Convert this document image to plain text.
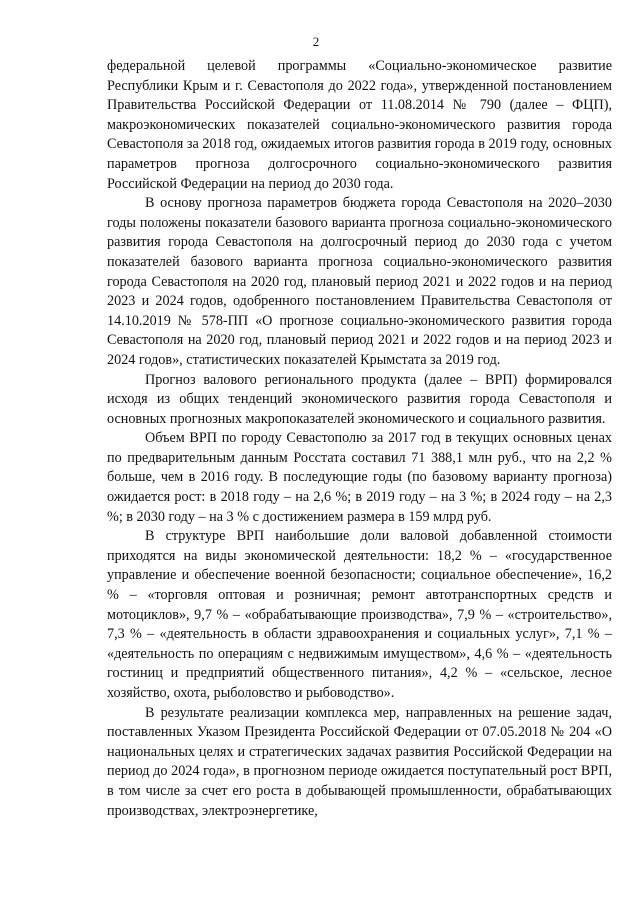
2

федеральной целевой программы «Социально-экономическое развитие Республики Крым и г. Севастополя до 2022 года», утвержденной постановлением Правительства Российской Федерации от 11.08.2014 № 790 (далее – ФЦП), макроэкономических показателей социально-экономического развития города Севастополя за 2018 год, ожидаемых итогов развития города в 2019 году, основных параметров прогноза долгосрочного социально-экономического развития Российской Федерации на период до 2030 года.

В основу прогноза параметров бюджета города Севастополя на 2020–2030 годы положены показатели базового варианта прогноза социально-экономического развития города Севастополя на долгосрочный период до 2030 года с учетом показателей базового варианта прогноза социально-экономического развития города Севастополя на 2020 год, плановый период 2021 и 2022 годов и на период 2023 и 2024 годов, одобренного постановлением Правительства Севастополя от 14.10.2019 № 578-ПП «О прогнозе социально-экономического развития города Севастополя на 2020 год, плановый период 2021 и 2022 годов и на период 2023 и 2024 годов», статистических показателей Крымстата за 2019 год.

Прогноз валового регионального продукта (далее – ВРП) формировался исходя из общих тенденций экономического развития города Севастополя и основных прогнозных макропоказателей экономического и социального развития.

Объем ВРП по городу Севастополю за 2017 год в текущих основных ценах по предварительным данным Росстата составил 71 388,1 млн руб., что на 2,2 % больше, чем в 2016 году. В последующие годы (по базовому варианту прогноза) ожидается рост: в 2018 году – на 2,6 %; в 2019 году – на 3 %; в 2024 году – на 2,3 %; в 2030 году – на 3 % с достижением размера в 159 млрд руб.

В структуре ВРП наибольшие доли валовой добавленной стоимости приходятся на виды экономической деятельности: 18,2 % – «государственное управление и обеспечение военной безопасности; социальное обеспечение», 16,2 % – «торговля оптовая и розничная; ремонт автотранспортных средств и мотоциклов», 9,7 % – «обрабатывающие производства», 7,9 % – «строительство», 7,3 % – «деятельность в области здравоохранения и социальных услуг», 7,1 % – «деятельность по операциям с недвижимым имуществом», 4,6 % – «деятельность гостиниц и предприятий общественного питания», 4,2 % – «сельское, лесное хозяйство, охота, рыболовство и рыбоводство».

В результате реализации комплекса мер, направленных на решение задач, поставленных Указом Президента Российской Федерации от 07.05.2018 № 204 «О национальных целях и стратегических задачах развития Российской Федерации на период до 2024 года», в прогнозном периоде ожидается поступательный рост ВРП, в том числе за счет его роста в добывающей промышленности, обрабатывающих производствах, электроэнергетике,
